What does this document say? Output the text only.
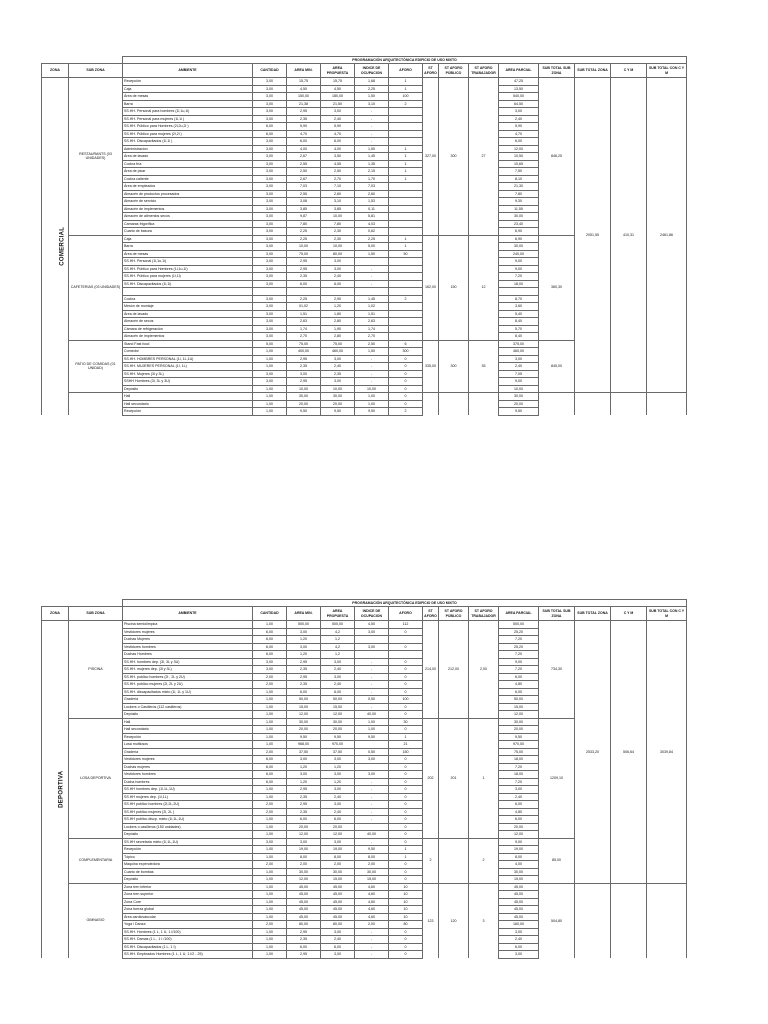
		PROGRAMACIÓN ARQUITECTÓNICA EDIFICIO DE USO MIXTO													
ZONA	SUB ZONA	AMBIENTE	CANTIDAD	AREA MIN.	AREA PROPUESTA	INDICE DE OCUPACION	AFORO	ST AFORO	ST AFORO PÚBLICO	ST AFORO TRABAJADOR	AREA PARCIAL	SUB TOTAL SUB ZONA	SUB TOTAL ZONA	C Y M	SUB TOTAL CON C Y M
COMERCIAL	RESTAURANTS (03 UNIDADES)	Recepción	3,00	15,75	15,75	1,68	1	327,00	300	27	47,25	846,25	2051,55	410,31	2461,86
		Caja	3,00	4,50	4,50	2,25	1				13,50				
		Área de mesas	3,00	150,00	180,00	1,50	100				540,00				
		Barra	3,00	21,38	21,50	3,10	2				64,50				
		SS.HH. Personal para hombres (1l,1u,1i)	3,00	2,95	3,00	-					3,00				
		SS.HH. Personal para mujeres (1l,1i )	3,00	2,35	2,40	-					2,40				
		SS.HH. Público para Hombres (2l,2u,2i )	6,00	5,90	5,90	-					5,90				
		SS.HH. Público para mujeres (2l,2i )	6,00	4,70	4,70	-					4,70				
		SS.HH. Discapacitados (1l,1i )	3,00	6,00	6,00	-					6,00				
		Administracion	3,00	4,00	4,00	1,50	1				12,00				
		Área de lavado	3,00	2,67	3,50	1,45	1				10,50				
		Cocina fría	3,00	2,55	4,55	1,35	1				10,65				
		Área de picar	3,00	2,50	2,50	2,15	1				7,50				
		Cocina caliente	3,00	2,67	2,70	1,70	1				8,10				
		Área de empleados	3,00	7,03	7,10	7,03					21,30				
		Almacén de productos procesados	3,00	2,55	2,60	2,60					7,80				
		Almacén de servicio	3,00	3,08	3,10	1,53					9,30				
		Almacén de implementos	3,00	3,85	3,85	0,11					11,55				
		Almacén de alimentos secos	3,00	9,87	10,00	5,81					30,00				
		Camaras frigorífica	3,00	7,80	7,80	4,03					23,40				
		Cuarto de basura	3,00	2,25	2,30	0,62					6,90				
	CAFETERIAS (03 UNIDADES)	Caja	3,00	2,25	2,30	2,25	1	162,00	150	12	6,90	360,30			
		Barra	3,00	10,00	10,00	5,00	1				30,00				
		Área de mesas	3,00	75,00	80,00	1,50	50				240,00				
		SS.HH. Personal (1l,1u,1i)	3,00	2,95	3,00						9,00				
		SS.HH. Público para Hombres (1l,1u,1i)	3,00	2,95	3,00	-					9,00				
		SS.HH. Público para mujeres (1l,1i)	3,00	2,35	2,40	-					7,20				
		SS.HH. Discapacitados (1l,1i)	3,00	6,00	6,00	-					18,00				

		Cocina	3,00	2,25	2,90	1,45	2				8,70				
		Mesón de montaje	3,00	01,02	1,20	1,02					3,60				
		Área de lavado	3,00	1,51	1,80	1,51					5,40				
		Almacén de secos	3,00	2,63	2,80	2,63					8,40				
		Cámara de refrigeración	3,00	1,74	1,90	1,74					5,70				
		Almacén de implementos	3,00	2,70	2,80	2,70					8,40				
	PATIO DE COMIDAS (01 UNIDAD)	Stand Fast food	5,00	75,00	75,00	2,50	6	335,00	300	35	375,00	845,00			
		Comedor	1,00	400,00	460,00	1,50	300				460,00				
		SS.HH. HOMBRES PERSONAL (1l, 1L,1U)	1,00	2,95	3,00	-	0				3,00				
		SS.HH. MUJERES PERSONAL (1l, 1L)	1,00	2,35	2,40	-	0				2,40				
		SS.HH. Mujeres (3l y 3L)	3,00	3,00	2,35	-	0				7,05				
		SSHH Hombres (3l, 3L y 3U)	3,00	2,95	3,00	-	0				9,00				
		Depósito	1,00	10,00	10,00	10,00	0				10,00				
		Hall	1,00	30,00	30,00	1,00	0				30,00				
		Hall secundario	1,00	20,00	20,00	1,00	0				20,00				
		Recepción	1,00	9,50	9,50	9,50	2				9,50				
		PROGRAMACIÓN ARQUITECTÓNICA EDIFICIO DE USO MIXTO													
ZONA	SUB ZONA	AMBIENTE	CANTIDAD	AREA MIN.	AREA PROPUESTA	INDICE DE OCUPACION	AFORO	ST AFORO	ST AFORO PÚBLICO	ST AFORO TRABAJADOR	AREA PARCIAL	SUB TOTAL SUB ZONA	SUB TOTAL ZONA	C Y M	SUB TOTAL CON C Y M
DEPORTIVA	PISCINA	Piscina semiolimpica	1,00	500,00	500,00	4,50	112	214,00	212,00	2,00	500,00	734,30	2533,20	506,64	3039,84
		Vestidores mujeres	6,00	3,00	4,2	3,00	0				25,20				
		Duchas Mujeres	6,00	1,20	1,2						7,20				
		Vestidores hombres	6,00	3,00	4,2	3,00	0				25,20				
		Duchas Hombres	6,00	1,20	1,2						7,20				
		SS.HH. hombres dep. (3l, 3L y 3U)	3,00	2,95	3,00	-	0				9,00				
		SS.HH. mujeres dep. (3l y 3L)	3,00	2,35	2,40	-	0				7,20				
		SS.HH. publico hombres (2l , 2L y 2U)	2,00	2,95	3,00	-	0				6,00				
		SS.HH. publico mujeres (2l, 2L y 2U)	2,00	2,35	2,40	-	0				4,80				
		SS.HH. discapacitados mixto (1l, 1L y 1U)	1,00	6,00	6,00	-	0				6,00				
		Gradería	1,00	50,00	50,00	0,50	100				50,00				
		Lockers o Casilleros (112 casilleros)	1,00	15,00	15,00	-	0				15,00				
		Depósito	1,00	12,00	12,00	40,00	0				12,00				
	LOSA DEPORTIVA	Hall	1,00	30,00	30,00	1,00	30	202	201	1	30,00	1209,10			
		Hall secundario	1,00	20,00	20,00	1,00	0				20,00				
		Recepción	1,00	9,50	9,50	9,50	1				9,50				
		Losa multiusos	1,00	968,00	970,00		21				970,00				
		Gradería	2,00	37,50	37,50	0,50	150				75,00				
		Vestidores mujeres	6,00	3,00	3,00	3,00	0				18,00				
		Duchas mujeres	6,00	1,20	1,20		0				7,20				
		Vestidores hombres	6,00	3,00	3,00	3,00	0				18,00				
		Ducha hombres	6,00	1,20	1,20	-	0				7,20				
		SS.HH hombres dep. (1l,1L,1U)	1,00	2,95	3,00	-	0				3,00				
		SS.HH mujeres dep. (1l,1L)	1,00	2,35	2,40	-	0				2,40				
		SS.HH publico hombres (2l,2L,2U)	2,00	2,95	3,00	-	0				6,00				
		SS.HH publico mujeres (2l, 2L )	2,00	2,35	2,40	-	0				4,80				
		SS.HH publico discp. mixto (1l,1L,1U)	1,00	6,00	6,00	-	0				6,00				
		Lockers o casilleros (150 unidades)	1,00	20,00	20,00		0				20,00				
		Depósito	1,00	12,00	12,00	40,00	0				12,00				
	COMPLEMENTARIA	SS.HH secretaria mixto (1l,1L,1U)	3,00	3,00	3,00	-	0	2		2	9,00	85,00			
		Recepción	1,00	19,00	19,00	9,50	1				19,00				
		Tópico	1,00	8,00	8,00	8,00	1				8,00				
		Maquina expendedora	2,00	2,00	2,00	2,00	0				4,00				
		Cuarto de bombas	1,00	30,00	30,00	30,00	0				30,00				
		Depósito	1,00	12,00	15,00	15,00	0				15,00				
	GIMNASIO	Zona tren inferior	1,00	45,00	45,00	4,60	10	123	120	3	45,00	504,80			
		Zona tren superior	1,00	45,00	45,00	4,60	10				45,00				
		Zona Core	1,00	45,00	45,00	4,60	10				45,00				
		Zona fuerza global	1,00	45,00	45,00	4,60	10				45,00				
		Área cardiovascular	1,00	45,00	45,00	4,60	10				45,00				
		Yoga / Danza	2,00	80,00	80,00	2,00	80				160,00				
		SS.HH. Hombres (1 L, 1 U, 1 I/100)	1,00	2,95	3,00	-	0				3,00				
		SS.HH. Damas (1 L , 1 I /100)	1,00	2,35	2,40	-	0				2,40				
		SS.HH. Discapacitados (1 L, 1 I)	1,00	6,00	6,00	-	0				6,00				
		SS.HH. Empleados Hombres (1 L, 1 U, 1 I/2 - 25)	1,00	2,95	3,00	-	0				3,00				
